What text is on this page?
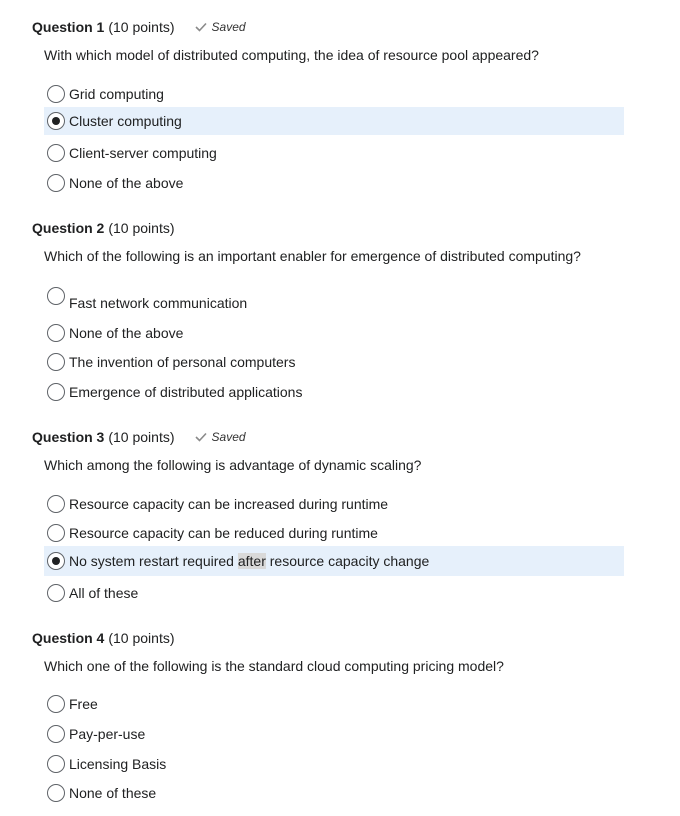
Question 1 (10 points)	Saved
With which model of distributed computing, the idea of resource pool appeared?
Grid computing
Cluster computing
Client-server computing
None of the above
Question 2 (10 points)
Which of the following is an important enabler for emergence of distributed computing?
Fast network communication
None of the above
The invention of personal computers
Emergence of distributed applications
Question 3 (10 points)	Saved
Which among the following is advantage of dynamic scaling?
Resource capacity can be increased during runtime
Resource capacity can be reduced during runtime
No system restart required after resource capacity change
All of these
Question 4 (10 points)
Which one of the following is the standard cloud computing pricing model?
Free
Pay-per-use
Licensing Basis
None of these
